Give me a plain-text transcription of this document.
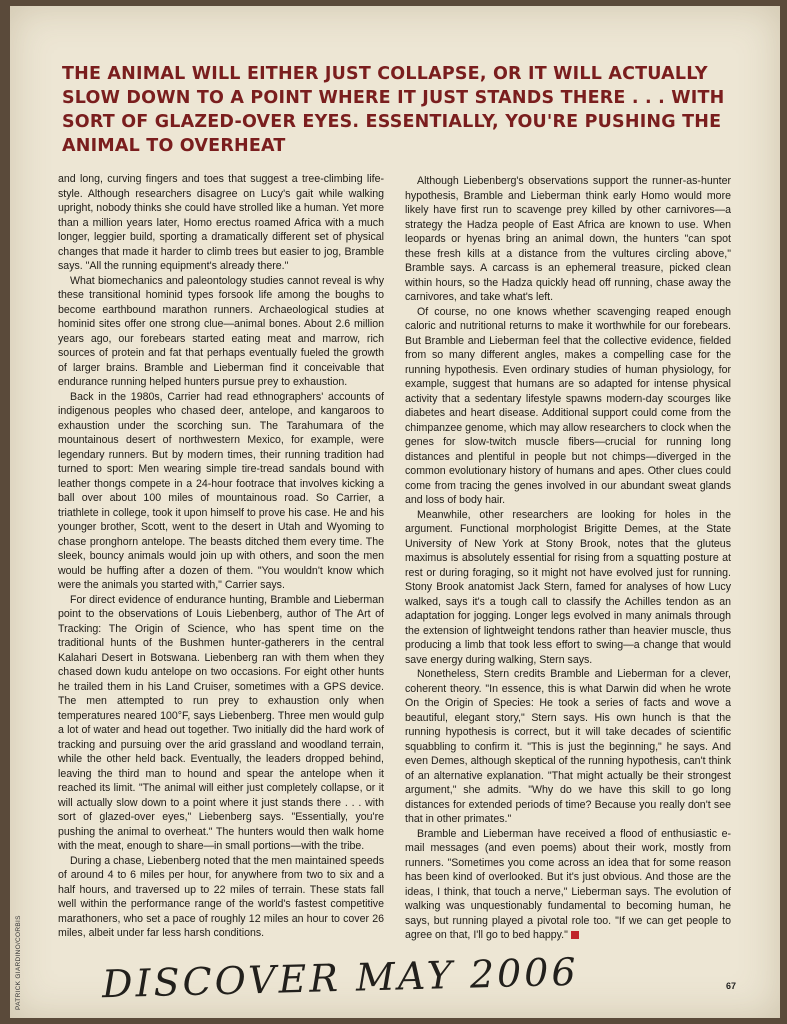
THE ANIMAL WILL EITHER JUST COLLAPSE, OR IT WILL ACTUALLY SLOW DOWN TO A POINT WHERE IT JUST STANDS THERE . . . WITH SORT OF GLAZED-OVER EYES. ESSENTIALLY, YOU'RE PUSHING THE ANIMAL TO OVERHEAT

and long, curving fingers and toes that suggest a tree-climbing life-style. Although researchers disagree on Lucy's gait while walking upright, nobody thinks she could have strolled like a human. Yet more than a million years later, Homo erectus roamed Africa with a much longer, leggier build, sporting a dramatically different set of physical changes that made it harder to climb trees but easier to jog, Bramble says. "All the running equipment's already there."

What biomechanics and paleontology studies cannot reveal is why these transitional hominid types forsook life among the boughs to become earthbound marathon runners. Archaeological studies at hominid sites offer one strong clue—animal bones. About 2.6 million years ago, our forebears started eating meat and marrow, rich sources of protein and fat that perhaps eventually fueled the growth of larger brains. Bramble and Lieberman find it conceivable that endurance running helped hunters pursue prey to exhaustion.

Back in the 1980s, Carrier had read ethnographers' accounts of indigenous peoples who chased deer, antelope, and kangaroos to exhaustion under the scorching sun. The Tarahumara of the mountainous desert of northwestern Mexico, for example, were legendary runners. But by modern times, their running tradition had turned to sport: Men wearing simple tire-tread sandals bound with leather thongs compete in a 24-hour footrace that involves kicking a ball over about 100 miles of mountainous road. So Carrier, a triathlete in college, took it upon himself to prove his case. He and his younger brother, Scott, went to the desert in Utah and Wyoming to chase pronghorn antelope. The beasts ditched them every time. The sleek, bouncy animals would join up with others, and soon the men would be huffing after a dozen of them. "You wouldn't know which were the animals you started with," Carrier says.

For direct evidence of endurance hunting, Bramble and Lieberman point to the observations of Louis Liebenberg, author of The Art of Tracking: The Origin of Science, who has spent time on the traditional hunts of the Bushmen hunter-gatherers in the central Kalahari Desert in Botswana. Liebenberg ran with them when they chased down kudu antelope on two occasions. For eight other hunts he trailed them in his Land Cruiser, sometimes with a GPS device. The men attempted to run prey to exhaustion only when temperatures neared 100°F, says Liebenberg. Three men would gulp a lot of water and head out together. Two initially did the hard work of tracking and pursuing over the arid grassland and woodland terrain, while the other held back. Eventually, the leaders dropped behind, leaving the third man to hound and spear the antelope when it reached its limit. "The animal will either just completely collapse, or it will actually slow down to a point where it just stands there . . . with sort of glazed-over eyes," Liebenberg says. "Essentially, you're pushing the animal to overheat." The hunters would then walk home with the meat, enough to share—in small portions—with the tribe.

During a chase, Liebenberg noted that the men maintained speeds of around 4 to 6 miles per hour, for anywhere from two to six and a half hours, and traversed up to 22 miles of terrain. These stats fall well within the performance range of the world's fastest competitive marathoners, who set a pace of roughly 12 miles an hour to cover 26 miles, albeit under far less harsh conditions.

Although Liebenberg's observations support the runner-as-hunter hypothesis, Bramble and Lieberman think early Homo would more likely have first run to scavenge prey killed by other carnivores—a strategy the Hadza people of East Africa are known to use. When leopards or hyenas bring an animal down, the hunters "can spot these fresh kills at a distance from the vultures circling above," Bramble says. A carcass is an ephemeral treasure, picked clean within hours, so the Hadza quickly head off running, chase away the carnivores, and take what's left.

Of course, no one knows whether scavenging reaped enough caloric and nutritional returns to make it worthwhile for our forebears. But Bramble and Lieberman feel that the collective evidence, fielded from so many different angles, makes a compelling case for the running hypothesis. Even ordinary studies of human physiology, for example, suggest that humans are so adapted for intense physical activity that a sedentary lifestyle spawns modern-day scourges like diabetes and heart disease. Additional support could come from the chimpanzee genome, which may allow researchers to clock when the genes for slow-twitch muscle fibers—crucial for running long distances and plentiful in people but not chimps—diverged in the common evolutionary history of humans and apes. Other clues could come from tracing the genes involved in our abundant sweat glands and loss of body hair.

Meanwhile, other researchers are looking for holes in the argument. Functional morphologist Brigitte Demes, at the State University of New York at Stony Brook, notes that the gluteus maximus is absolutely essential for rising from a squatting posture at rest or during foraging, so it might not have evolved just for running. Stony Brook anatomist Jack Stern, famed for analyses of how Lucy walked, says it's a tough call to classify the Achilles tendon as an adaptation for jogging. Longer legs evolved in many animals through the extension of lightweight tendons rather than heavier muscle, thus producing a limb that took less effort to swing—a change that would save energy during walking, Stern says.

Nonetheless, Stern credits Bramble and Lieberman for a clever, coherent theory. "In essence, this is what Darwin did when he wrote On the Origin of Species: He took a series of facts and wove a beautiful, elegant story," Stern says. His own hunch is that the running hypothesis is correct, but it will take decades of scientific squabbling to confirm it. "This is just the beginning," he says. And even Demes, although skeptical of the running hypothesis, can't think of an alternative explanation. "That might actually be their strongest argument," she admits. "Why do we have this skill to go long distances for extended periods of time? Because you really don't see that in other primates."

Bramble and Lieberman have received a flood of enthusiastic e-mail messages (and even poems) about their work, mostly from runners. "Sometimes you come across an idea that for some reason has been kind of overlooked. But it's just obvious. And those are the ideas, I think, that touch a nerve," Lieberman says. The evolution of walking was unquestionably fundamental to becoming human, he says, but running played a pivotal role too. "If we can get people to agree on that, I'll go to bed happy."

PATRICK GIARDINO/CORBIS DISCOVER MAY 2006	67
